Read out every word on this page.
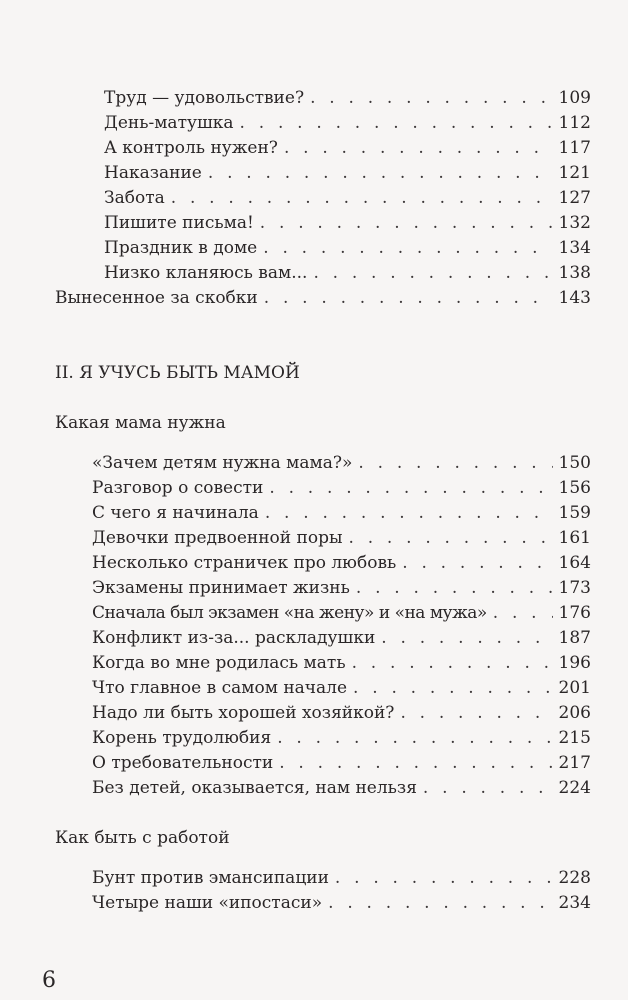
Труд — удовольствие? . . .	109
День-матушка . . .	112
А контроль нужен? . . .	117
Наказание . . .	121
Забота . . .	127
Пишите письма! . . .	132
Праздник в доме . . .	134
Низко кланяюсь вам... . . .	138
Вынесенное за скобки . . .	143
II. Я УЧУСЬ БЫТЬ МАМОЙ
Какая мама нужна
«Зачем детям нужна мама?» . . .	150
Разговор о совести . . .	156
С чего я начинала . . .	159
Девочки предвоенной поры . . .	161
Несколько страничек про любовь . . .	164
Экзамены принимает жизнь . . .	173
Сначала был экзамен «на жену» и «на мужа» . . .	176
Конфликт из-за... раскладушки . . .	187
Когда во мне родилась мать . . .	196
Что главное в самом начале . . .	201
Надо ли быть хорошей хозяйкой? . . .	206
Корень трудолюбия . . .	215
О требовательности . . .	217
Без детей, оказывается, нам нельзя . . .	224
Как быть с работой
Бунт против эмансипации . . .	228
Четыре наши «ипостаси» . . .	234
6
